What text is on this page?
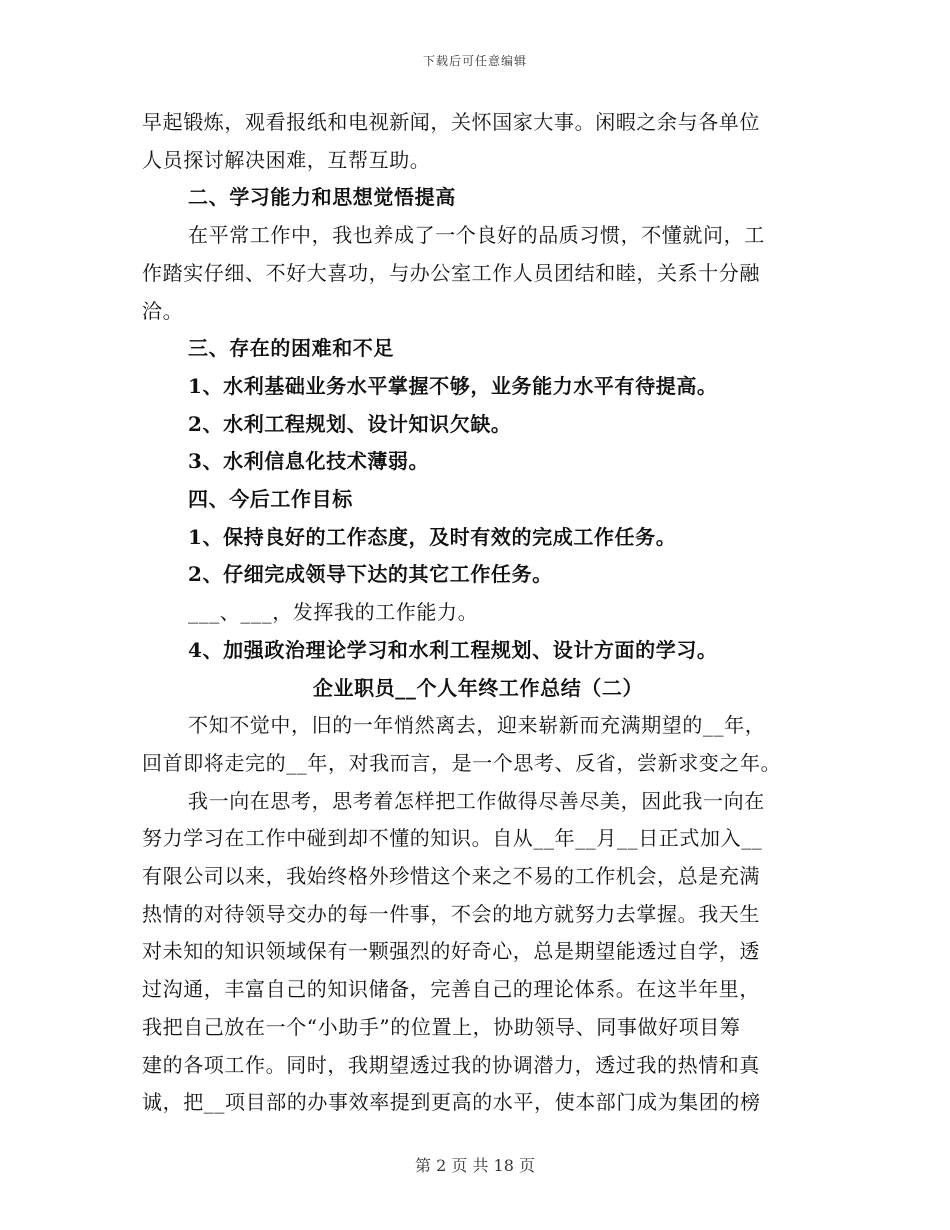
下载后可任意编辑

早起锻炼，观看报纸和电视新闻，关怀国家大事。闲暇之余与各单位

人员探讨解决困难，互帮互助。

二、学习能力和思想觉悟提高

在平常工作中，我也养成了一个良好的品质习惯，不懂就问，工

作踏实仔细、不好大喜功，与办公室工作人员团结和睦，关系十分融

洽。

三、存在的困难和不足

1、水利基础业务水平掌握不够，业务能力水平有待提高。

2、水利工程规划、设计知识欠缺。

3、水利信息化技术薄弱。

四、今后工作目标

1、保持良好的工作态度，及时有效的完成工作任务。

2、仔细完成领导下达的其它工作任务。

___、___，发挥我的工作能力。

4、加强政治理论学习和水利工程规划、设计方面的学习。

企业职员__个人年终工作总结（二）

不知不觉中，旧的一年悄然离去，迎来崭新而充满期望的__年，

回首即将走完的__年，对我而言，是一个思考、反省，尝新求变之年。

我一向在思考，思考着怎样把工作做得尽善尽美，因此我一向在

努力学习在工作中碰到却不懂的知识。自从__年__月__日正式加入__

有限公司以来，我始终格外珍惜这个来之不易的工作机会，总是充满

热情的对待领导交办的每一件事，不会的地方就努力去掌握。我天生

对未知的知识领域保有一颗强烈的好奇心，总是期望能透过自学，透

过沟通，丰富自己的知识储备，完善自己的理论体系。在这半年里，

我把自己放在一个“小助手”的位置上，协助领导、同事做好项目筹

建的各项工作。同时，我期望透过我的协调潜力，透过我的热情和真

诚，把__项目部的办事效率提到更高的水平，使本部门成为集团的榜

第 2 页 共 18 页
